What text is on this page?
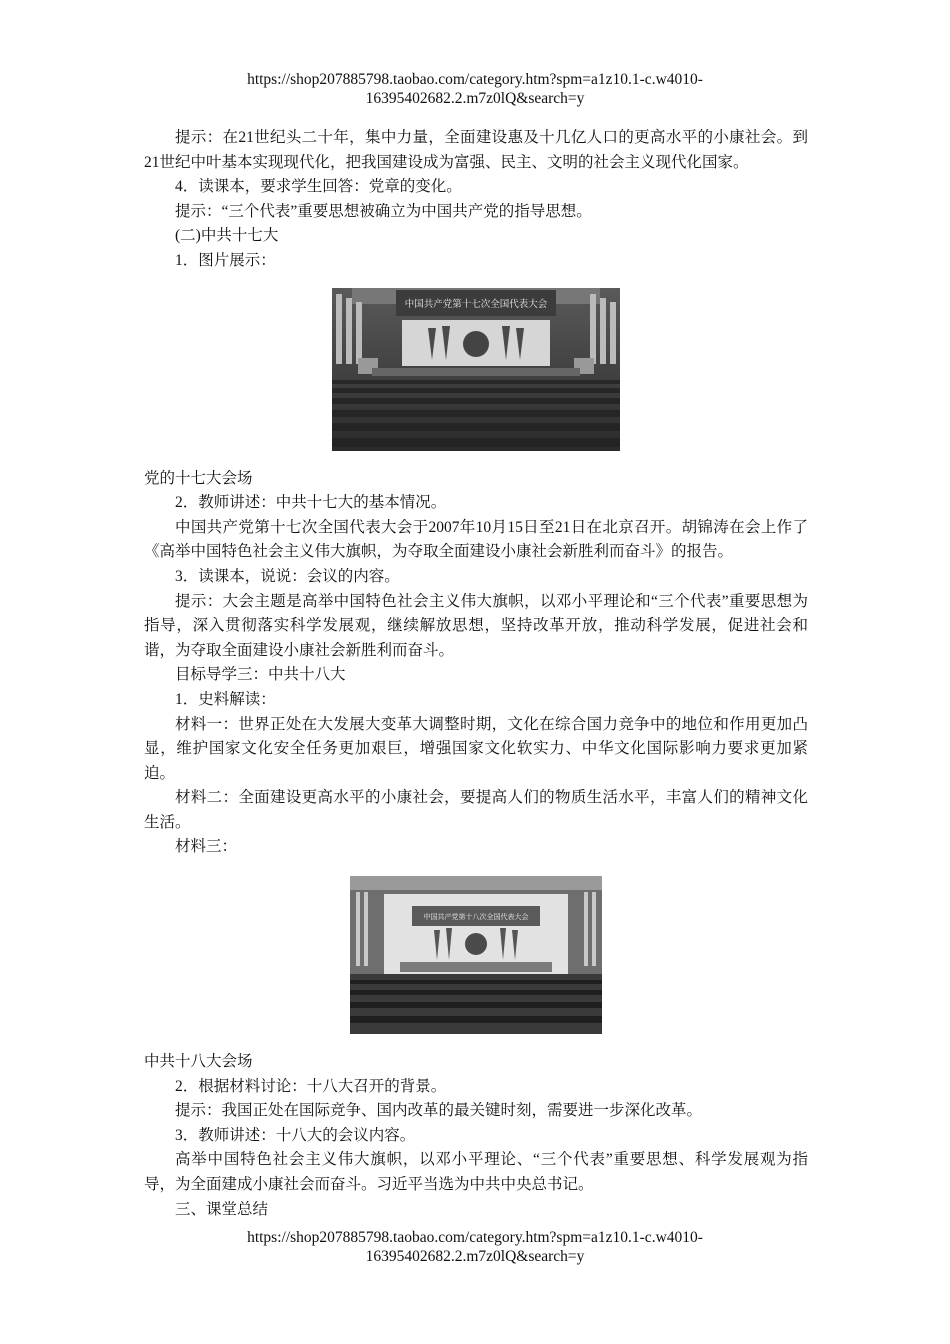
https://shop207885798.taobao.com/category.htm?spm=a1z10.1-c.w4010-
16395402682.2.m7z0lQ&search=y

提示：在21世纪头二十年，集中力量，全面建设惠及十几亿人口的更高水平的小康社会。到21世纪中叶基本实现现代化，把我国建设成为富强、民主、文明的社会主义现代化国家。

4．读课本，要求学生回答：党章的变化。

提示：“三个代表”重要思想被确立为中国共产党的指导思想。

(二)中共十七大

1．图片展示：

中国共产党第十七次全国代表大会

党的十七大会场

2．教师讲述：中共十七大的基本情况。

中国共产党第十七次全国代表大会于2007年10月15日至21日在北京召开。胡锦涛在会上作了《高举中国特色社会主义伟大旗帜，为夺取全面建设小康社会新胜利而奋斗》的报告。

3．读课本，说说：会议的内容。

提示：大会主题是高举中国特色社会主义伟大旗帜，以邓小平理论和“三个代表”重要思想为指导，深入贯彻落实科学发展观，继续解放思想，坚持改革开放，推动科学发展，促进社会和谐，为夺取全面建设小康社会新胜利而奋斗。

目标导学三：中共十八大

1．史料解读：

材料一：世界正处在大发展大变革大调整时期，文化在综合国力竞争中的地位和作用更加凸显，维护国家文化安全任务更加艰巨，增强国家文化软实力、中华文化国际影响力要求更加紧迫。

材料二：全面建设更高水平的小康社会，要提高人们的物质生活水平，丰富人们的精神文化生活。

材料三：

中国共产党第十八次全国代表大会

中共十八大会场

2．根据材料讨论：十八大召开的背景。

提示：我国正处在国际竞争、国内改革的最关键时刻，需要进一步深化改革。

3．教师讲述：十八大的会议内容。

高举中国特色社会主义伟大旗帜，以邓小平理论、“三个代表”重要思想、科学发展观为指导，为全面建成小康社会而奋斗。习近平当选为中共中央总书记。

三、课堂总结

https://shop207885798.taobao.com/category.htm?spm=a1z10.1-c.w4010-
16395402682.2.m7z0lQ&search=y
